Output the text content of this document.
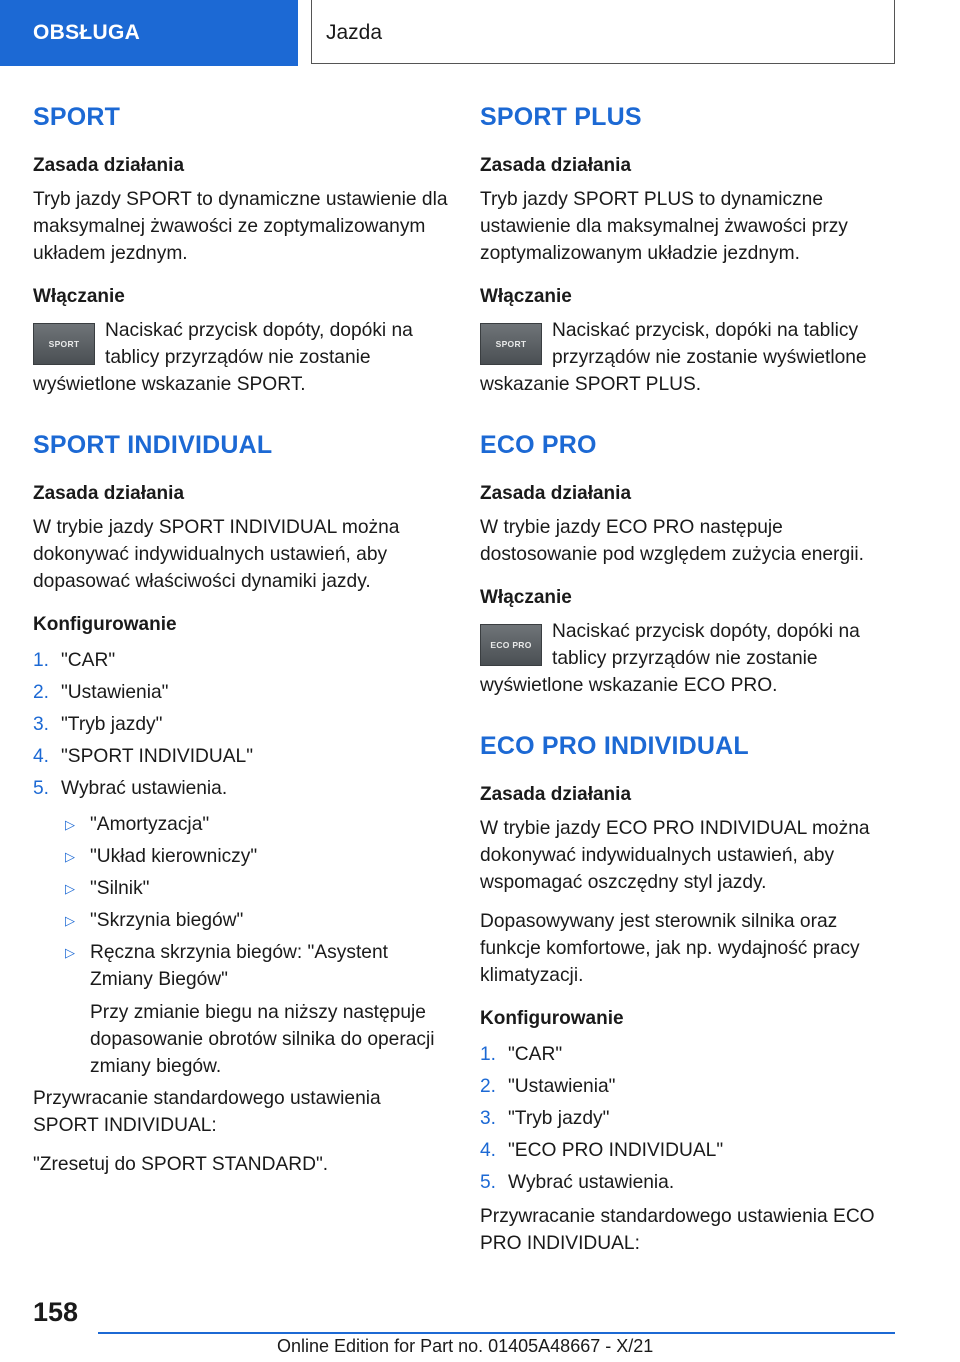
OBSŁUGA	Jazda
SPORT
Zasada działania

Tryb jazdy SPORT to dynamiczne ustawienie dla maksymalnej żwawości ze zoptymalizowanym układem jezdnym.

Włączanie
SPORT

Naciskać przycisk dopóty, dopóki na tablicy przyrządów nie zostanie wyświetlone wskazanie SPORT.

SPORT INDIVIDUAL
Zasada działania

W trybie jazdy SPORT INDIVIDUAL można dokonywać indywidualnych ustawień, aby dopasować właściwości dynamiki jazdy.

Konfigurowanie
1. "CAR"
2. "Ustawienia"
3. "Tryb jazdy"
4. "SPORT INDIVIDUAL"
5. Wybrać ustawienia.
▷ "Amortyzacja"
▷ "Układ kierowniczy"
▷ "Silnik"
▷ "Skrzynia biegów"
▷ Ręczna skrzynia biegów: "Asystent Zmiany Biegów"
Przy zmianie biegu na niższy następuje dopasowanie obrotów silnika do operacji zmiany biegów.

Przywracanie standardowego ustawienia SPORT INDIVIDUAL:

"Zresetuj do SPORT STANDARD".

SPORT PLUS
Zasada działania

Tryb jazdy SPORT PLUS to dynamiczne ustawienie dla maksymalnej żwawości przy zoptymalizowanym układzie jezdnym.

Włączanie
SPORT

Naciskać przycisk, dopóki na tablicy przyrządów nie zostanie wyświetlone wskazanie SPORT PLUS.

ECO PRO
Zasada działania

W trybie jazdy ECO PRO następuje dostosowanie pod względem zużycia energii.

Włączanie
ECO PRO

Naciskać przycisk dopóty, dopóki na tablicy przyrządów nie zostanie wyświetlone wskazanie ECO PRO.

ECO PRO INDIVIDUAL
Zasada działania

W trybie jazdy ECO PRO INDIVIDUAL można dokonywać indywidualnych ustawień, aby wspomagać oszczędny styl jazdy.

Dopasowywany jest sterownik silnika oraz funkcje komfortowe, jak np. wydajność pracy klimatyzacji.

Konfigurowanie
1. "CAR"
2. "Ustawienia"
3. "Tryb jazdy"
4. "ECO PRO INDIVIDUAL"
5. Wybrać ustawienia.

Przywracanie standardowego ustawienia ECO PRO INDIVIDUAL:

158
Online Edition for Part no. 01405A48667 - X/21
